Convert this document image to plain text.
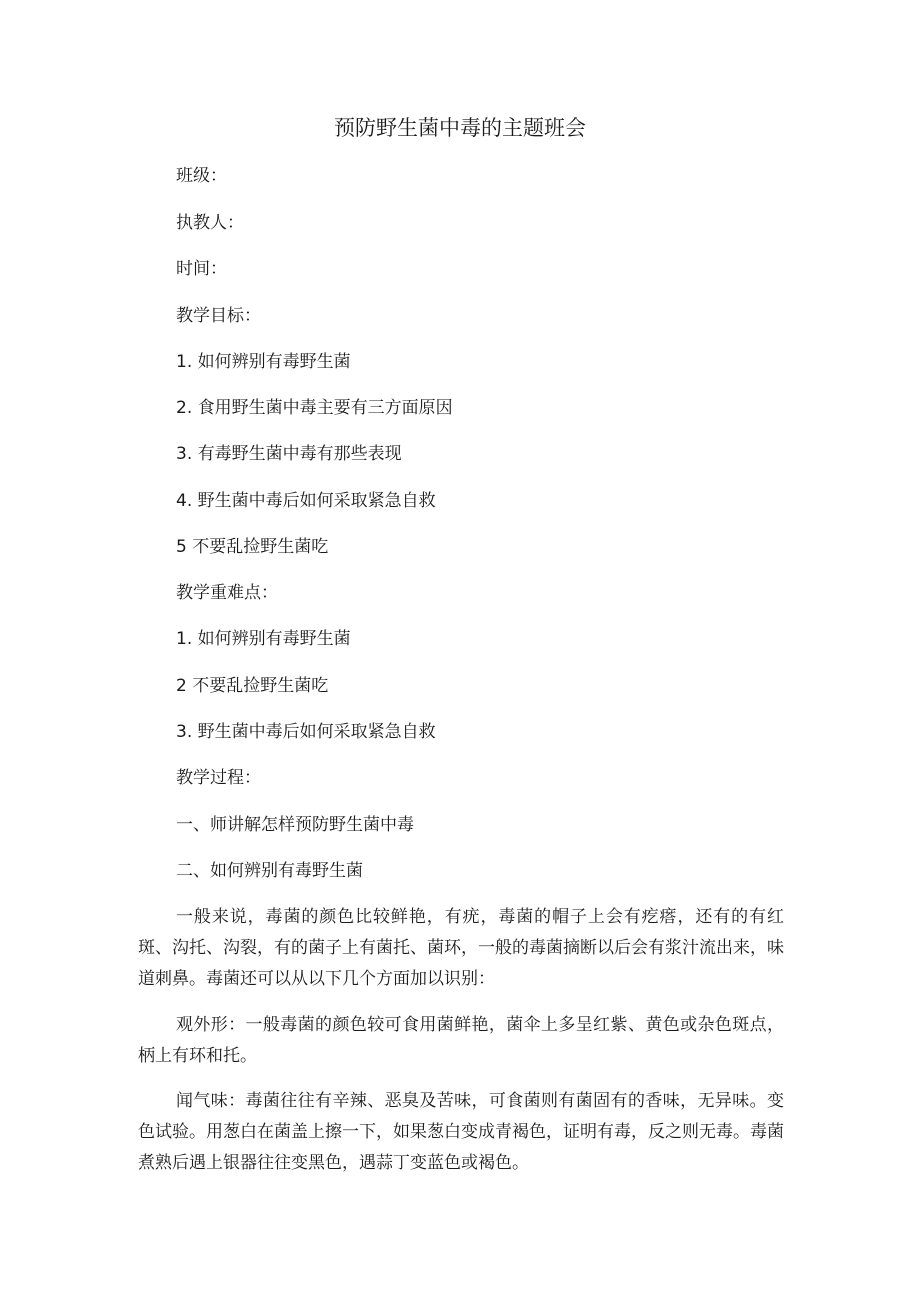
预防野生菌中毒的主题班会
班级：
执教人：
时间：
教学目标：
1. 如何辨别有毒野生菌
2. 食用野生菌中毒主要有三方面原因
3. 有毒野生菌中毒有那些表现
4. 野生菌中毒后如何采取紧急自救
5 不要乱捡野生菌吃
教学重难点：
1. 如何辨别有毒野生菌
2 不要乱捡野生菌吃
3. 野生菌中毒后如何采取紧急自救
教学过程：
一、师讲解怎样预防野生菌中毒
二、如何辨别有毒野生菌
一般来说，毒菌的颜色比较鲜艳，有疣，毒菌的帽子上会有疙瘩，还有的有红斑、沟托、沟裂，有的菌子上有菌托、菌环，一般的毒菌摘断以后会有浆汁流出来，味道刺鼻。毒菌还可以从以下几个方面加以识别：
观外形：一般毒菌的颜色较可食用菌鲜艳，菌伞上多呈红紫、黄色或杂色斑点，柄上有环和托。
闻气味：毒菌往往有辛辣、恶臭及苦味，可食菌则有菌固有的香味，无异味。变色试验。用葱白在菌盖上擦一下，如果葱白变成青褐色，证明有毒，反之则无毒。毒菌煮熟后遇上银器往往变黑色，遇蒜丁变蓝色或褐色。
